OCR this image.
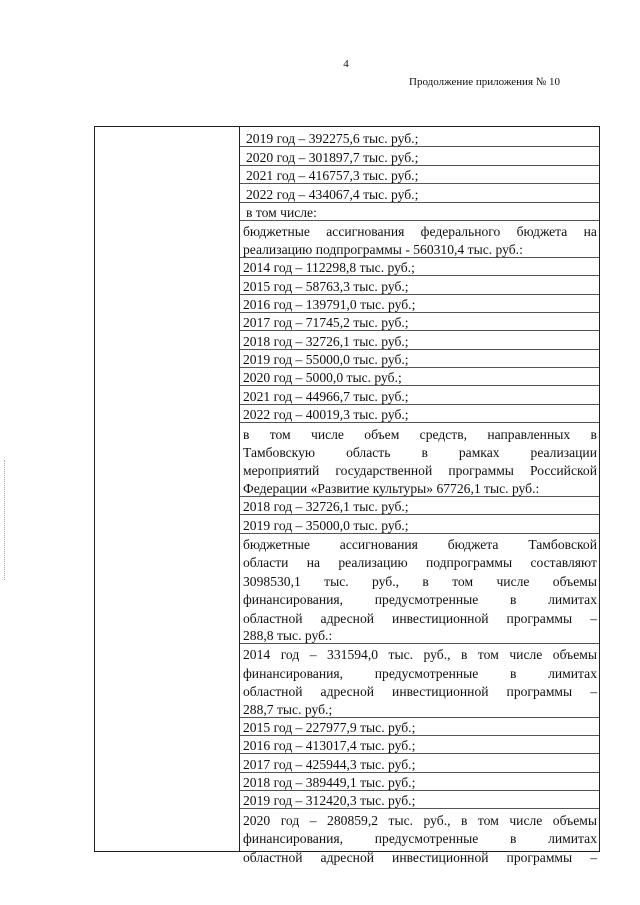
4
Продолжение приложения № 10
2019 год – 392275,6 тыс. руб.;
2020 год – 301897,7 тыс. руб.;
2021 год – 416757,3 тыс. руб.;
2022 год – 434067,4 тыс. руб.;
в том числе:
бюджетные ассигнования федерального бюджета на
реализацию подпрограммы - 560310,4 тыс. руб.:
2014 год – 112298,8 тыс. руб.;
2015 год – 58763,3 тыс. руб.;
2016 год – 139791,0 тыс. руб.;
2017 год – 71745,2 тыс. руб.;
2018 год – 32726,1 тыс. руб.;
2019 год – 55000,0 тыс. руб.;
2020 год – 5000,0 тыс. руб.;
2021 год – 44966,7 тыс. руб.;
2022 год – 40019,3 тыс. руб.;
в том числе объем средств, направленных в
Тамбовскую область в рамках реализации
мероприятий государственной программы Российской
Федерации «Развитие культуры» 67726,1 тыс. руб.:
2018 год – 32726,1 тыс. руб.;
2019 год – 35000,0 тыс. руб.;
бюджетные ассигнования бюджета Тамбовской
области на реализацию подпрограммы составляют
3098530,1 тыс. руб., в том числе объемы
финансирования, предусмотренные в лимитах
областной адресной инвестиционной программы –
288,8 тыс. руб.:
2014 год – 331594,0 тыс. руб., в том числе объемы
финансирования, предусмотренные в лимитах
областной адресной инвестиционной программы –
288,7 тыс. руб.;
2015 год – 227977,9 тыс. руб.;
2016 год – 413017,4 тыс. руб.;
2017 год – 425944,3 тыс. руб.;
2018 год – 389449,1 тыс. руб.;
2019 год – 312420,3 тыс. руб.;
2020 год – 280859,2 тыс. руб., в том числе объемы
финансирования, предусмотренные в лимитах
областной адресной инвестиционной программы –
